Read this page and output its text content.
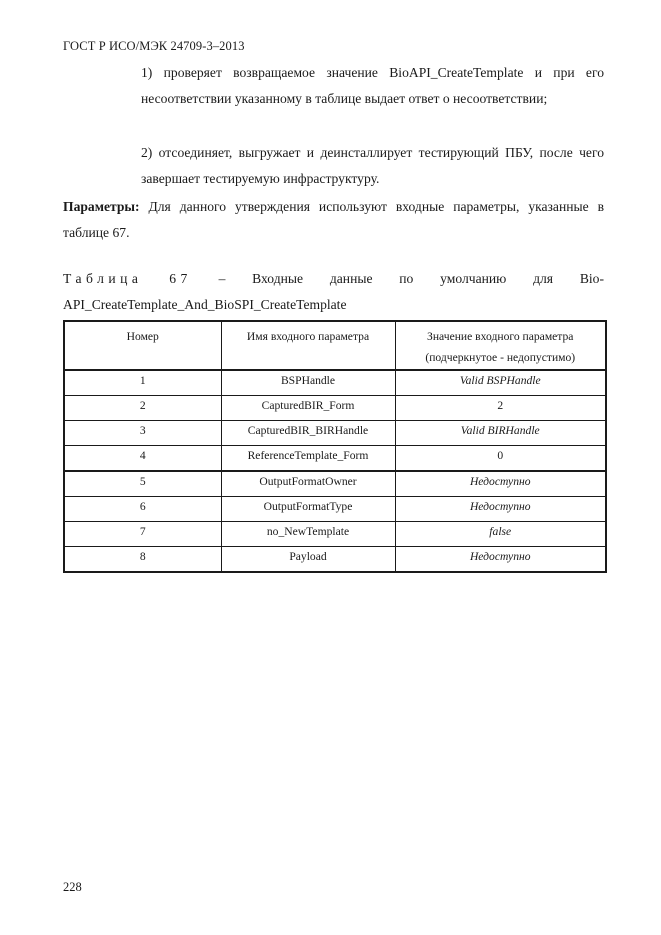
ГОСТ Р ИСО/МЭК 24709-3–2013
1) проверяет возвращаемое значение BioAPI_CreateTemplate и при его несоответствии указанному в таблице выдает ответ о несоответствии;
2) отсоединяет, выгружает и деинсталлирует тестирующий ПБУ, после чего завершает тестируемую инфраструктуру.
Параметры: Для данного утверждения используют входные параметры, указанные в таблице 67.
Таблица 67 – Входные данные по умолчанию для Bio-
API_CreateTemplate_And_BioSPI_CreateTemplate
Номер	Имя входного параметра	Значение входного параметра (подчеркнутое - недопустимо)
1	BSPHandle	Valid BSPHandle
2	CapturedBIR_Form	2
3	CapturedBIR_BIRHandle	Valid BIRHandle
4	ReferenceTemplate_Form	0
5	OutputFormatOwner	Недоступно
6	OutputFormatType	Недоступно
7	no_NewTemplate	false
8	Payload	Недоступно
228
